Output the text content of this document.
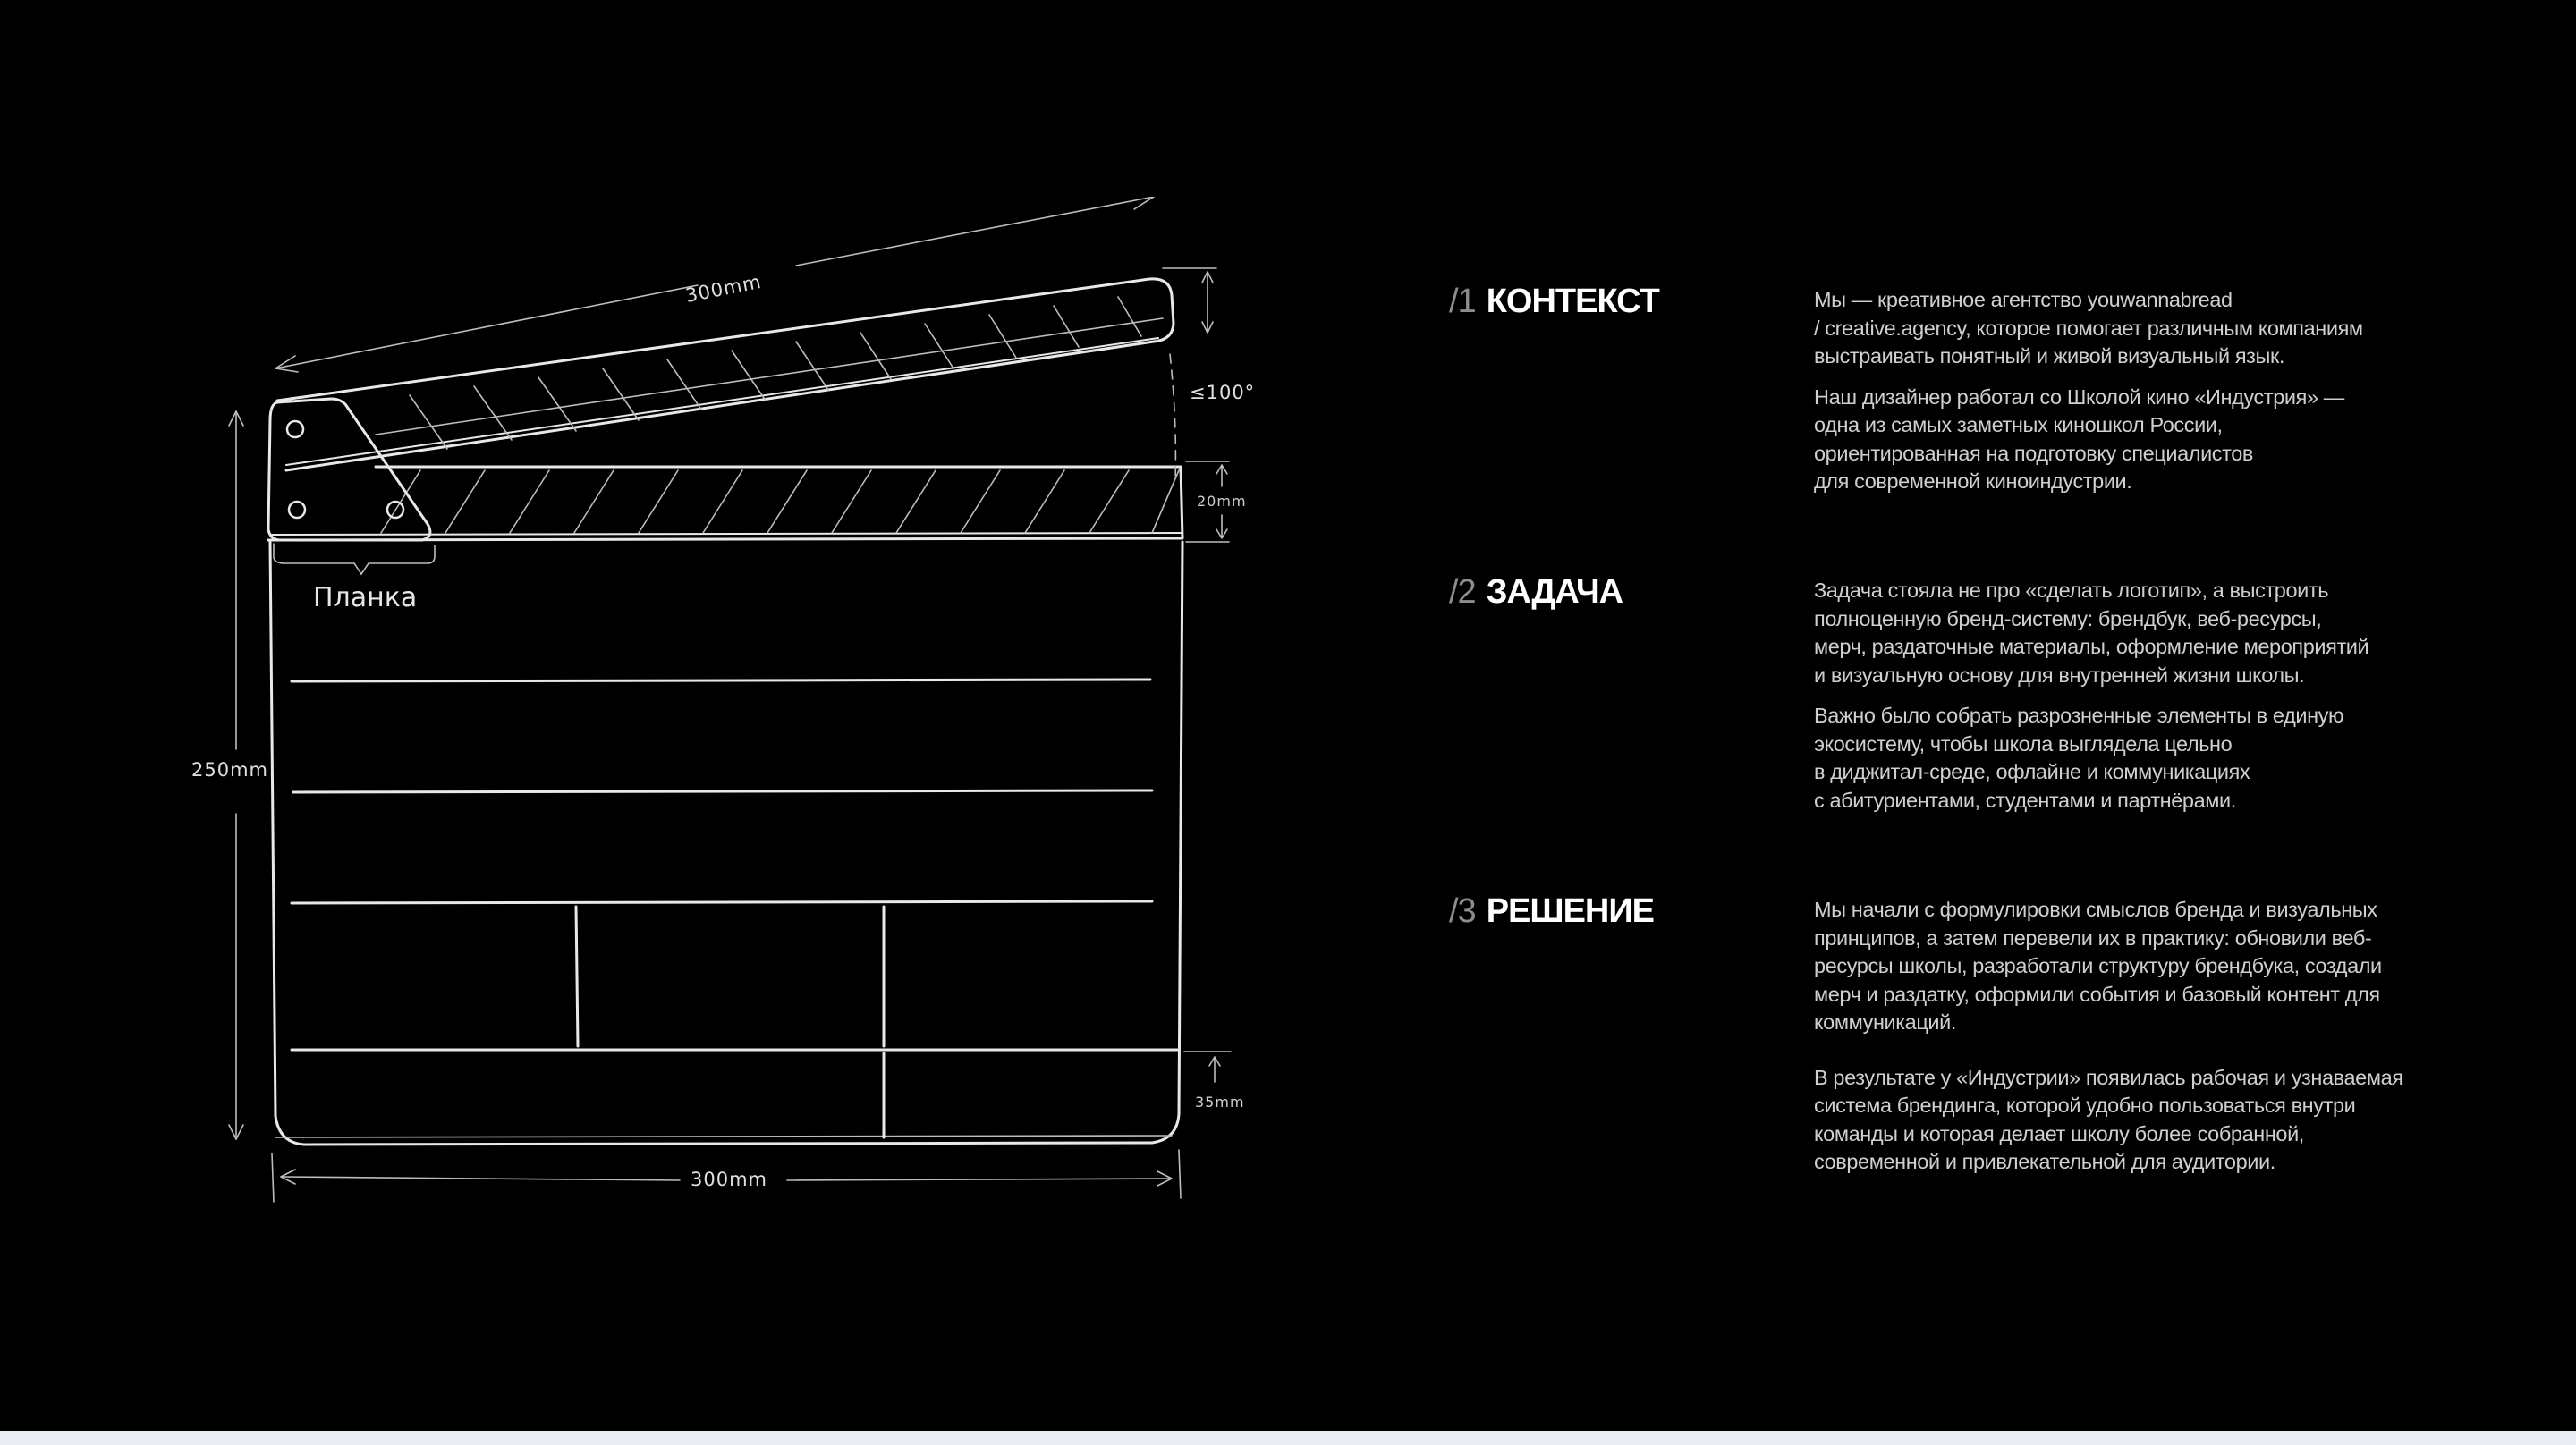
300mm
Планка
250mm
300mm
≤100°
20mm
35mm
/1 КОНТЕКСТ	Мы — креативное агентство youwannabread
/ creative.agency, которое помогает различным компаниям
выстраивать понятный и живой визуальный язык.

Наш дизайнер работал со Школой кино «Индустрия» —
одна из самых заметных киношкол России,
ориентированная на подготовку специалистов
для современной киноиндустрии.

/2 ЗАДАЧА	Задача стояла не про «сделать логотип», а выстроить
полноценную бренд-систему: брендбук, веб-ресурсы,
мерч, раздаточные материалы, оформление мероприятий
и визуальную основу для внутренней жизни школы.

Важно было собрать разрозненные элементы в единую
экосистему, чтобы школа выглядела цельно
в диджитал-среде, офлайне и коммуникациях
с абитуриентами, студентами и партнёрами.

/3 РЕШЕНИЕ	Мы начали с формулировки смыслов бренда и визуальных
принципов, а затем перевели их в практику: обновили веб-
ресурсы школы, разработали структуру брендбука, создали
мерч и раздатку, оформили события и базовый контент для
коммуникаций.

В результате у «Индустрии» появилась рабочая и узнаваемая
система брендинга, которой удобно пользоваться внутри
команды и которая делает школу более собранной,
современной и привлекательной для аудитории.
